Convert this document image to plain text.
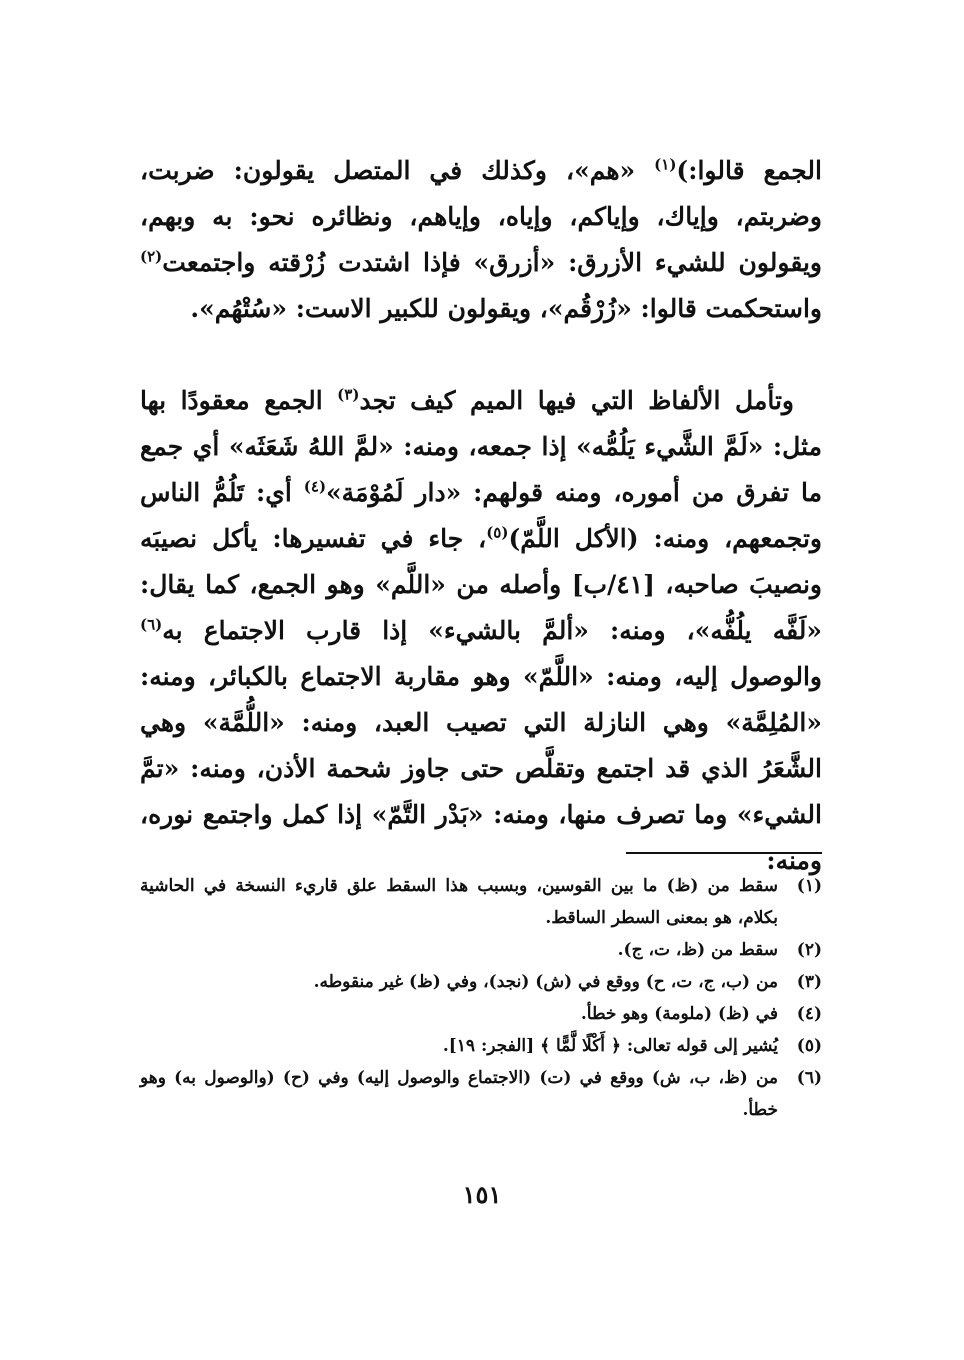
الجمع قالوا:)$^{(١)}$ «هم»، وكذلك في المتصل يقولون: ضربت، وضربتم، وإياك، وإياكم، وإياه، وإياهم، ونظائره نحو: به وبهم، ويقولون للشيء الأزرق: «أزرق» فإذا اشتدت زُرْقته واجتمعت$^{(٢)}$ واستحكمت قالوا: «زُرْقُم»، ويقولون للكبير الاست: «سُتْهُم».

وتأمل الألفاظ التي فيها الميم كيف تجد$^{(٣)}$ الجمع معقودًا بها مثل: «لَمَّ الشَّيء يَلُمُّه» إذا جمعه، ومنه: «لمَّ اللهُ شَعَثَه» أي جمع ما تفرق من أموره، ومنه قولهم: «دار لَمُوْمَة»$^{(٤)}$ أي: تَلُمُّ الناس وتجمعهم، ومنه: (الأكل اللَّمّ)$^{(٥)}$، جاء في تفسيرها: يأكل نصيبَه ونصيبَ صاحبه، [٤١/ب] وأصله من «اللَّم» وهو الجمع، كما يقال: «لَفَّه يلُفُّه»، ومنه: «ألمَّ بالشيء» إذا قارب الاجتماع به$^{(٦)}$ والوصول إليه، ومنه: «اللَّمّ» وهو مقاربة الاجتماع بالكبائر، ومنه: «المُلِمَّة» وهي النازلة التي تصيب العبد، ومنه: «اللُّمَّة» وهي الشَّعَرُ الذي قد اجتمع وتقلَّص حتى جاوز شحمة الأذن، ومنه: «تمَّ الشيء» وما تصرف منها، ومنه: «بَدْر التَّمّ» إذا كمل واجتمع نوره، ومنه:

(١)
سقط من (ظ) ما بين القوسين، وبسبب هذا السقط علق قاريء النسخة في الحاشية بكلام، هو بمعنى السطر الساقط.
(٢)
سقط من (ظ، ت، ج).
(٣)
من (ب، ج، ت، ح) ووقع في (ش) (نجد)، وفي (ظ) غير منقوطه.
(٤)
في (ظ) (ملومة) وهو خطأ.
(٥)
يُشير إلى قوله تعالى: ﴿ أَكْلًا لَّمًّا ﴾ [الفجر: ١٩].
(٦)
من (ظ، ب، ش) ووقع في (ت) (الاجتماع والوصول إليه) وفي (ح) (والوصول به) وهو خطأ.
١٥١
